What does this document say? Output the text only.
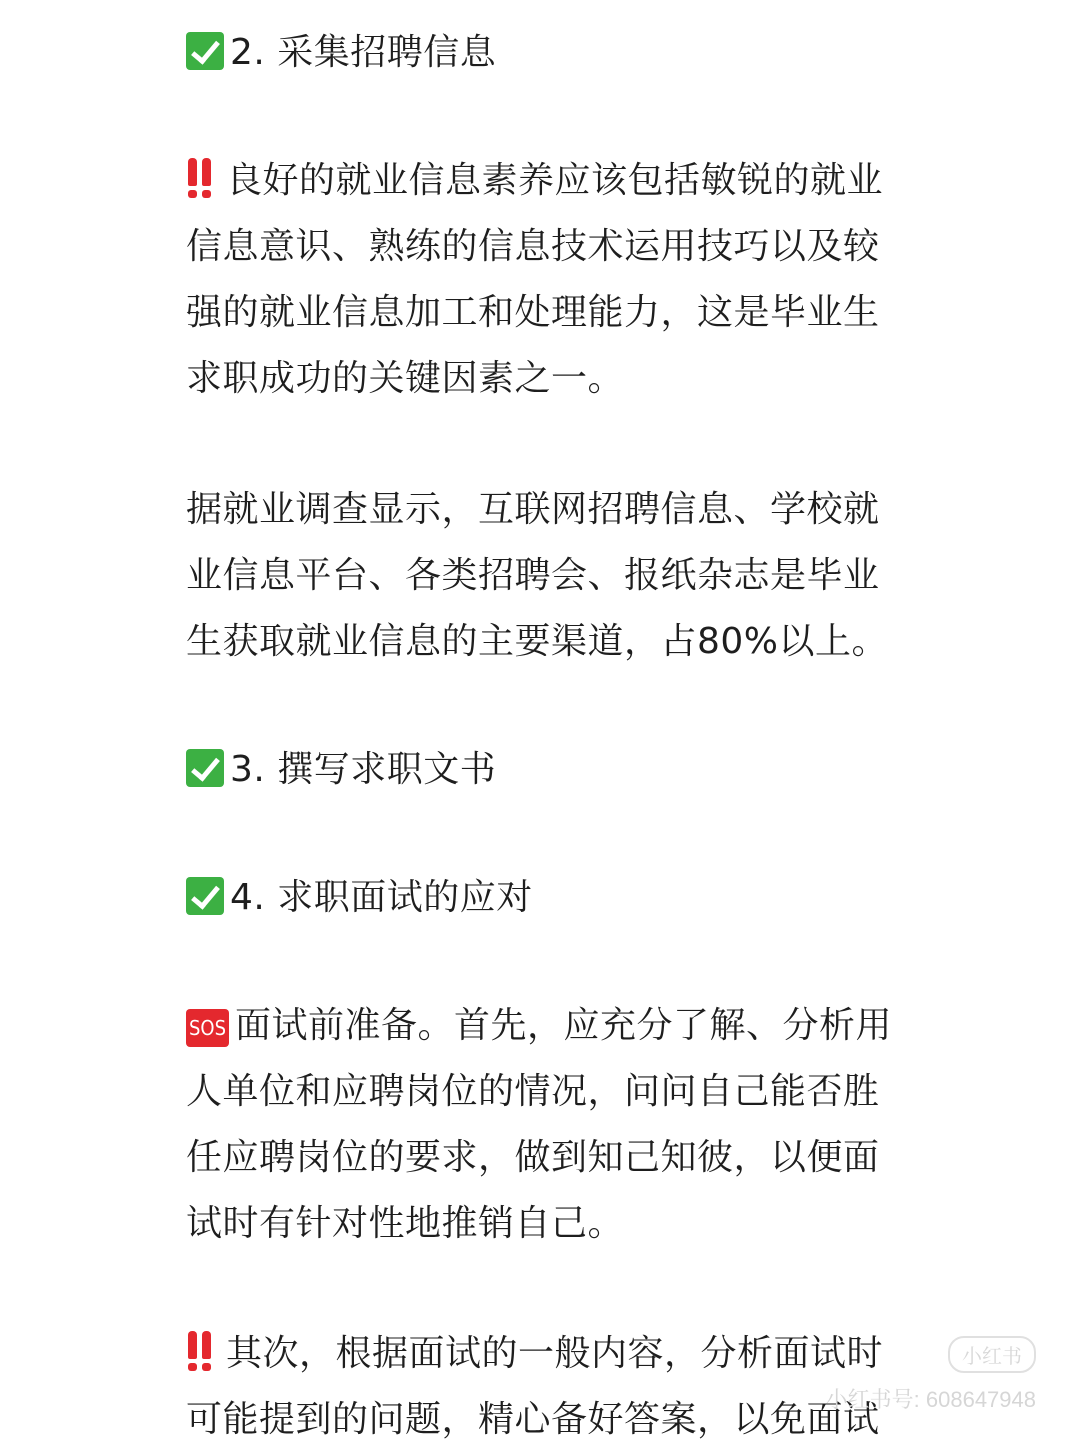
2. 采集招聘信息
良好的就业信息素养应该包括敏锐的就业
信息意识、熟练的信息技术运用技巧以及较
强的就业信息加工和处理能力，这是毕业生
求职成功的关键因素之一。
据就业调查显示，互联网招聘信息、学校就
业信息平台、各类招聘会、报纸杂志是毕业
生获取就业信息的主要渠道，占80%以上。
3. 撰写求职文书
4. 求职面试的应对
SOS 面试前准备。首先，应充分了解、分析用
人单位和应聘岗位的情况，问问自己能否胜
任应聘岗位的要求，做到知己知彼，以便面
试时有针对性地推销自己。
其次，根据面试的一般内容，分析面试时
可能提到的问题，精心备好答案，以免面试
小红书
小红书号: 608647948
